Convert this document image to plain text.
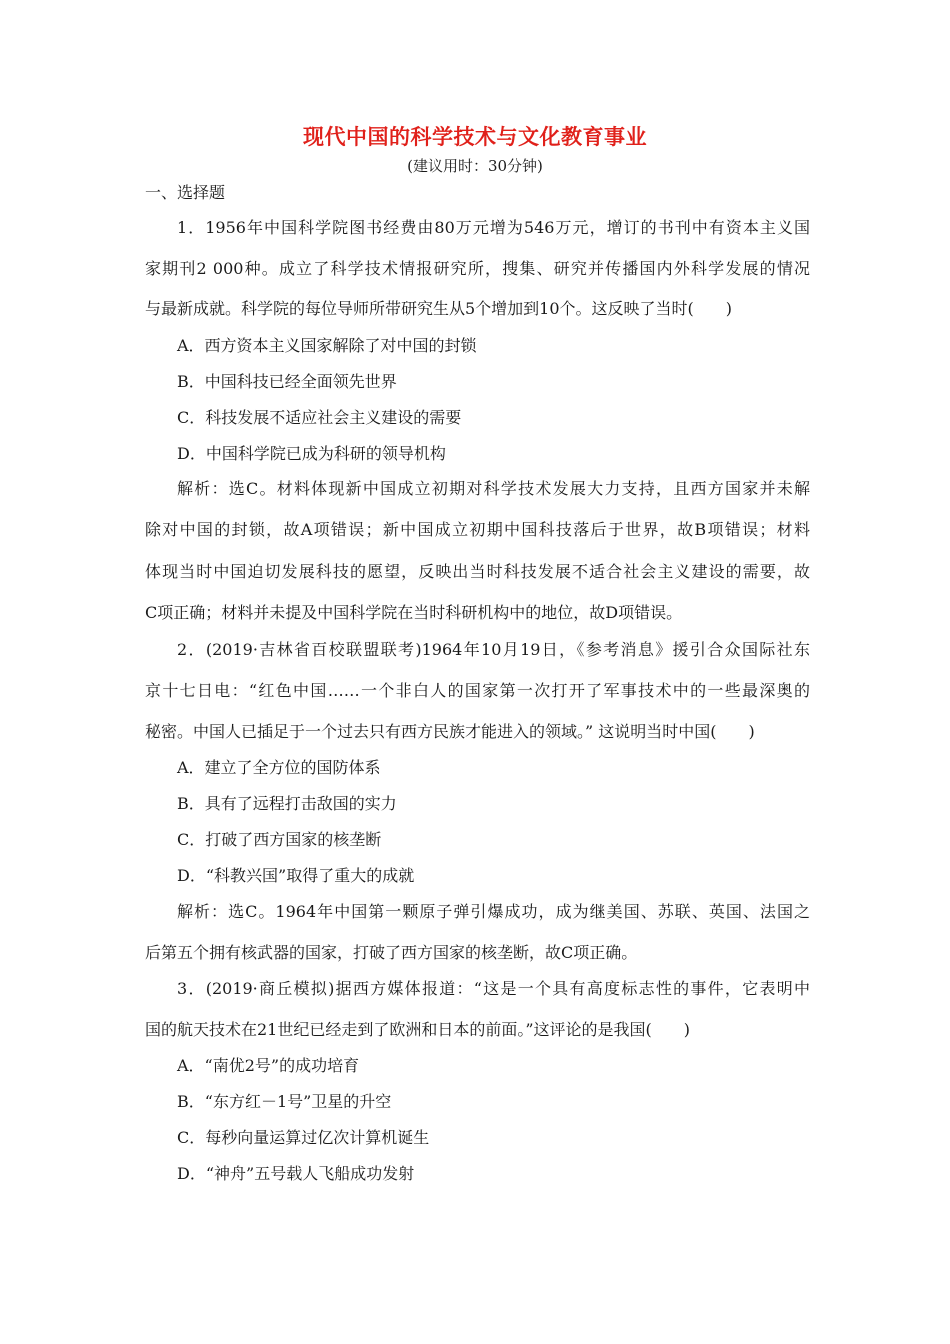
现代中国的科学技术与文化教育事业
(建议用时：30分钟)
一、选择题
1．1956年中国科学院图书经费由80万元增为546万元，增订的书刊中有资本主义国
家期刊2 000种。成立了科学技术情报研究所，搜集、研究并传播国内外科学发展的情况
与最新成就。科学院的每位导师所带研究生从5个增加到10个。这反映了当时(　　)
A．西方资本主义国家解除了对中国的封锁
B．中国科技已经全面领先世界
C．科技发展不适应社会主义建设的需要
D．中国科学院已成为科研的领导机构
解析：选C。材料体现新中国成立初期对科学技术发展大力支持，且西方国家并未解
除对中国的封锁，故A项错误；新中国成立初期中国科技落后于世界，故B项错误；材料
体现当时中国迫切发展科技的愿望，反映出当时科技发展不适合社会主义建设的需要，故
C项正确；材料并未提及中国科学院在当时科研机构中的地位，故D项错误。
2．(2019·吉林省百校联盟联考)1964年10月19日，《参考消息》援引合众国际社东
京十七日电：“红色中国……一个非白人的国家第一次打开了军事技术中的一些最深奥的
秘密。中国人已插足于一个过去只有西方民族才能进入的领域。” 这说明当时中国(　　)
A．建立了全方位的国防体系
B．具有了远程打击敌国的实力
C．打破了西方国家的核垄断
D．“科教兴国”取得了重大的成就
解析：选C。1964年中国第一颗原子弹引爆成功，成为继美国、苏联、英国、法国之
后第五个拥有核武器的国家，打破了西方国家的核垄断，故C项正确。
3．(2019·商丘模拟)据西方媒体报道：“这是一个具有高度标志性的事件，它表明中
国的航天技术在21世纪已经走到了欧洲和日本的前面。”这评论的是我国(　　)
A．“南优2号”的成功培育
B．“东方红－1号”卫星的升空
C．每秒向量运算过亿次计算机诞生
D．“神舟”五号载人飞船成功发射
